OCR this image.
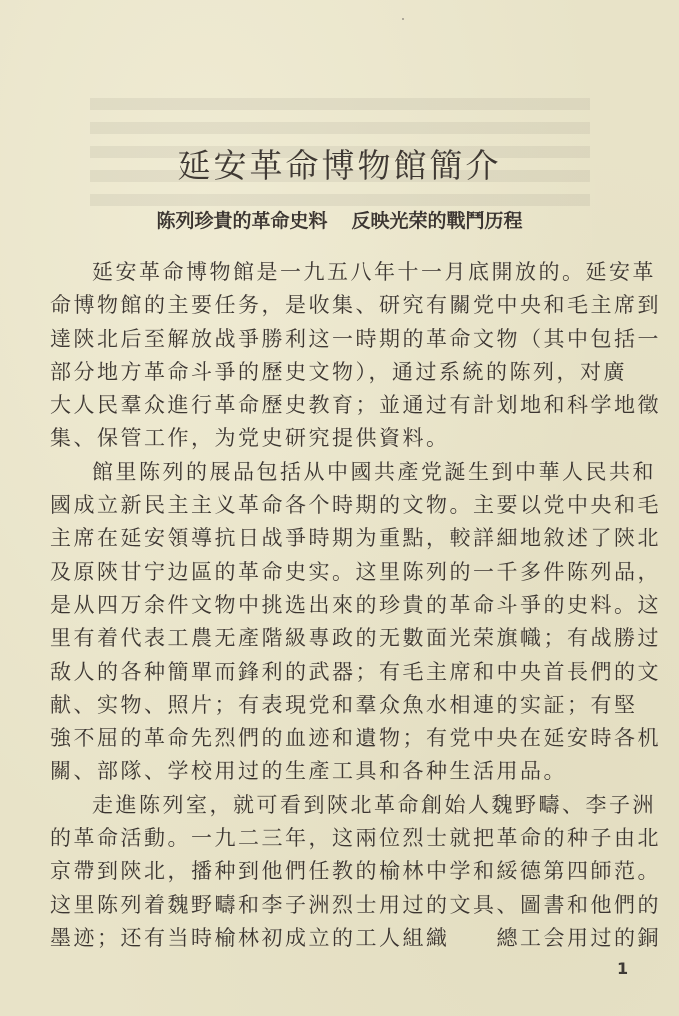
延安革命博物館簡介
陈列珍貴的革命史料 反映光荣的戰鬥历程
延安革命博物館是一九五八年十一月底開放的。延安革
命博物館的主要任务，是收集、研究有關党中央和毛主席到
達陝北后至解放战爭勝利这一時期的革命文物（其中包括一
部分地方革命斗爭的歷史文物），通过系統的陈列，对廣
大人民羣众進行革命歷史教育；並通过有計划地和科学地徵
集、保管工作，为党史研究提供資料。
館里陈列的展品包括从中國共產党誕生到中華人民共和
國成立新民主主义革命各个時期的文物。主要以党中央和毛
主席在延安領導抗日战爭時期为重點，較詳細地敘述了陝北
及原陝甘宁边區的革命史实。这里陈列的一千多件陈列品，
是从四万余件文物中挑选出來的珍貴的革命斗爭的史料。这
里有着代表工農无產階級專政的无數面光荣旗幟；有战勝过
敌人的各种簡單而鋒利的武器；有毛主席和中央首長們的文
献、实物、照片；有表現党和羣众魚水相連的实証；有堅
強不屈的革命先烈們的血迹和遺物；有党中央在延安時各机
關、部隊、学校用过的生產工具和各种生活用品。
走進陈列室，就可看到陝北革命創始人魏野疇、李子洲
的革命活動。一九二三年，这兩位烈士就把革命的种子由北
京帶到陝北，播种到他們任教的榆林中学和綏德第四師范。
这里陈列着魏野疇和李子洲烈士用过的文具、圖書和他們的
墨迹；还有当時榆林初成立的工人組織　　總工会用过的銅
1
